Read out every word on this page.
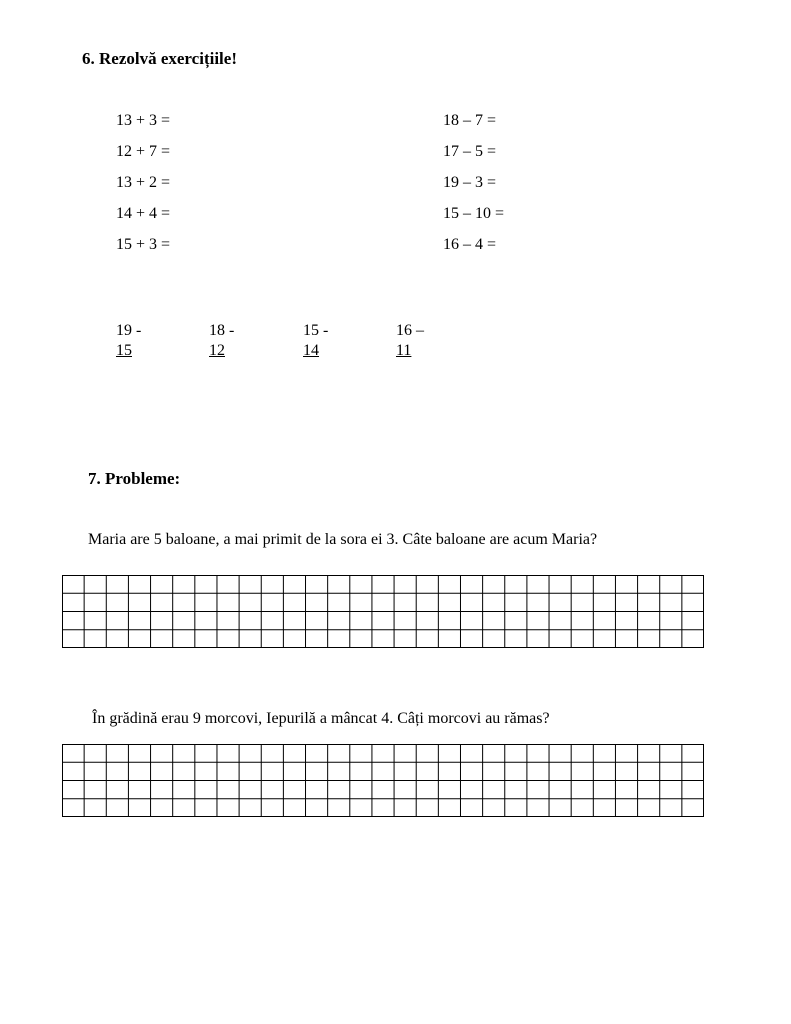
6. Rezolvă exercițiile!
13 + 3 =
12 + 7 =
13 + 2 =
14 + 4 =
15 + 3 =
18 – 7 =
17 – 5 =
19 – 3 =
15 – 10 =
16 – 4 =
19 -
15
18 -
12
15 -
14
16 –
11
7. Probleme:
Maria are 5 baloane, a mai primit de la sora ei 3. Câte baloane are acum Maria?
În grădină erau 9 morcovi, Iepurilă a mâncat 4. Câți morcovi au rămas?
